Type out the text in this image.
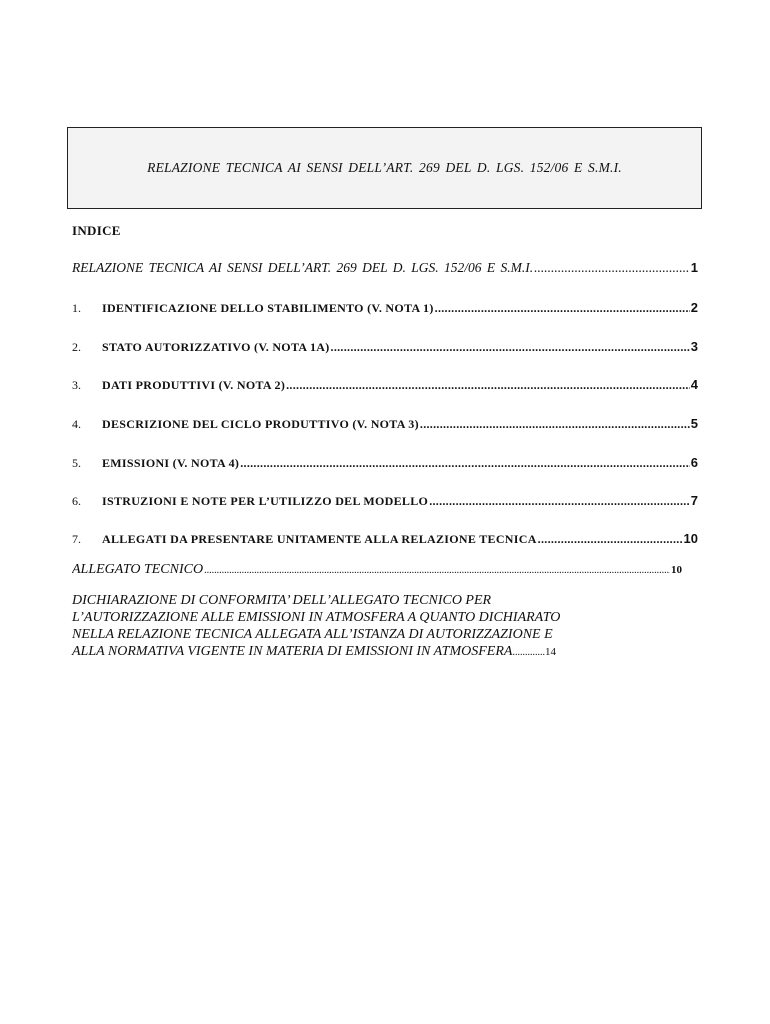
RELAZIONE TECNICA AI SENSI DELL’ART. 269 DEL D. LGS. 152/06 E S.M.I.
INDICE
RELAZIONE TECNICA AI SENSI DELL’ART. 269 DEL D. LGS. 152/06 E S.M.I. .....	1
1.	IDENTIFICAZIONE DELLO STABILIMENTO (V. NOTA 1) .....	2
2.	STATO AUTORIZZATIVO (V. NOTA 1A) .....	3
3.	DATI PRODUTTIVI (V. NOTA 2) .....	4
4.	DESCRIZIONE DEL CICLO PRODUTTIVO (V. NOTA 3) .....	5
5.	EMISSIONI (V. NOTA 4) .....	6
6.	ISTRUZIONI E NOTE PER L’UTILIZZO DEL MODELLO .....	7
7.	ALLEGATI DA PRESENTARE UNITAMENTE ALLA RELAZIONE TECNICA .....	10
ALLEGATO TECNICO .....	10
DICHIARAZIONE DI CONFORMITA’ DELL’ALLEGATO TECNICO PER
L’AUTORIZZAZIONE ALLE EMISSIONI IN ATMOSFERA A QUANTO DICHIARATO
NELLA RELAZIONE TECNICA ALLEGATA ALL’ISTANZA DI AUTORIZZAZIONE E
ALLA NORMATIVA VIGENTE IN MATERIA DI EMISSIONI IN ATMOSFERA.............14
